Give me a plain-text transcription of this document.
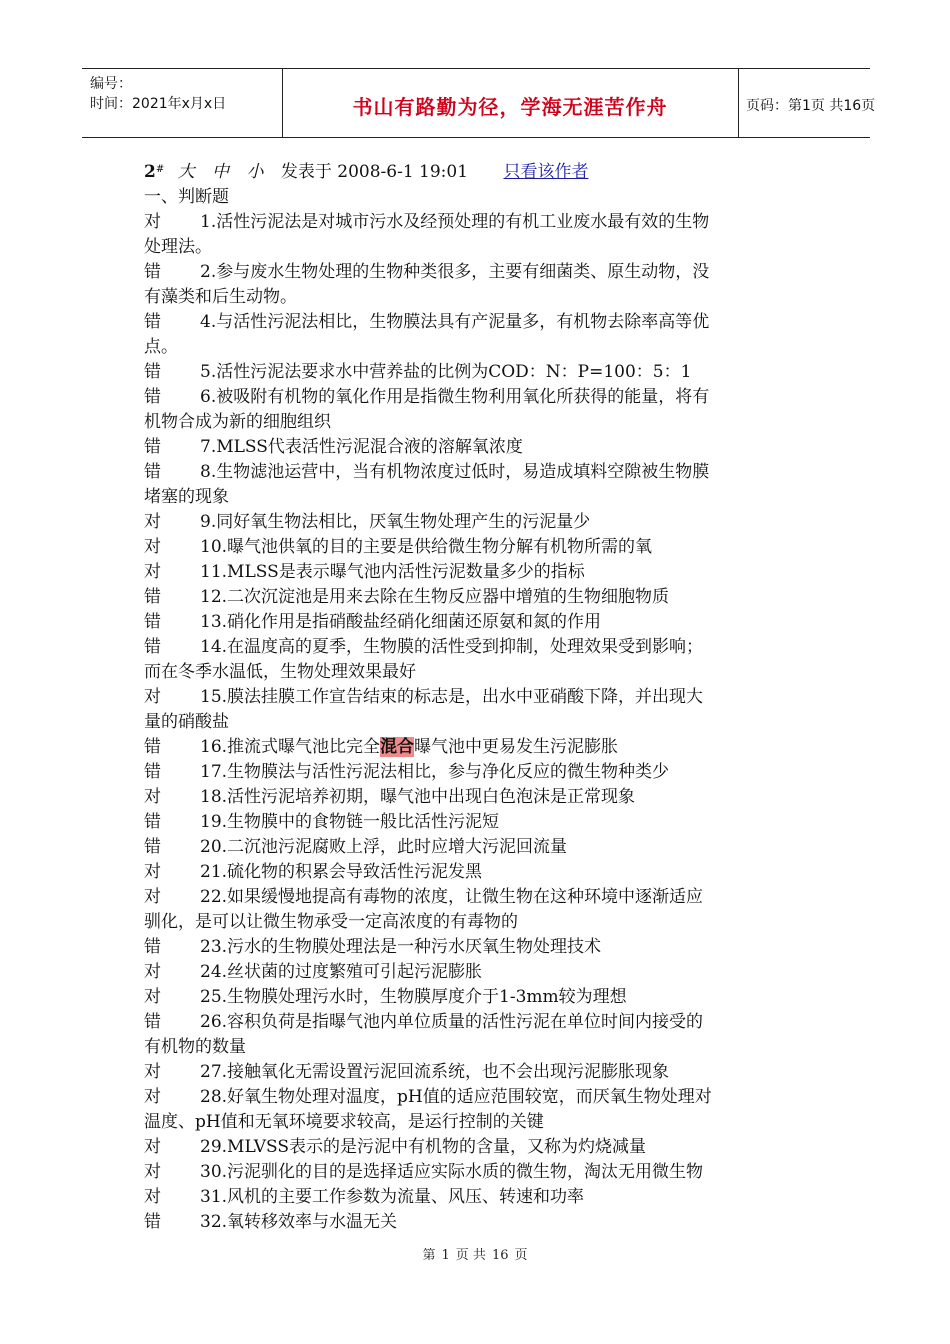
编号：
时间：2021年x月x日	书山有路勤为径，学海无涯苦作舟	页码：第1页 共16页
2# 大 中 小 发表于 2008-6-1 19:01 只看该作者
一、判断题
对 1.活性污泥法是对城市污水及经预处理的有机工业废水最有效的生物
处理法。
错 2.参与废水生物处理的生物种类很多，主要有细菌类、原生动物，没
有藻类和后生动物。
错 4.与活性污泥法相比，生物膜法具有产泥量多，有机物去除率高等优
点。
错 5.活性污泥法要求水中营养盐的比例为COD：N：P=100：5：1
错 6.被吸附有机物的氧化作用是指微生物利用氧化所获得的能量，将有
机物合成为新的细胞组织
错 7.MLSS代表活性污泥混合液的溶解氧浓度
错 8.生物滤池运营中，当有机物浓度过低时，易造成填料空隙被生物膜
堵塞的现象
对 9.同好氧生物法相比，厌氧生物处理产生的污泥量少
对 10.曝气池供氧的目的主要是供给微生物分解有机物所需的氧
对 11.MLSS是表示曝气池内活性污泥数量多少的指标
错 12.二次沉淀池是用来去除在生物反应器中增殖的生物细胞物质
错 13.硝化作用是指硝酸盐经硝化细菌还原氨和氮的作用
错 14.在温度高的夏季，生物膜的活性受到抑制，处理效果受到影响；
而在冬季水温低，生物处理效果最好
对 15.膜法挂膜工作宣告结束的标志是，出水中亚硝酸下降，并出现大
量的硝酸盐
错 16.推流式曝气池比完全混合曝气池中更易发生污泥膨胀
错 17.生物膜法与活性污泥法相比，参与净化反应的微生物种类少
对 18.活性污泥培养初期，曝气池中出现白色泡沫是正常现象
错 19.生物膜中的食物链一般比活性污泥短
错 20.二沉池污泥腐败上浮，此时应增大污泥回流量
对 21.硫化物的积累会导致活性污泥发黑
对 22.如果缓慢地提高有毒物的浓度，让微生物在这种环境中逐渐适应
驯化，是可以让微生物承受一定高浓度的有毒物的
错 23.污水的生物膜处理法是一种污水厌氧生物处理技术
对 24.丝状菌的过度繁殖可引起污泥膨胀
对 25.生物膜处理污水时，生物膜厚度介于1-3mm较为理想
错 26.容积负荷是指曝气池内单位质量的活性污泥在单位时间内接受的
有机物的数量
对 27.接触氧化无需设置污泥回流系统，也不会出现污泥膨胀现象
对 28.好氧生物处理对温度，pH值的适应范围较宽，而厌氧生物处理对
温度、pH值和无氧环境要求较高，是运行控制的关键
对 29.MLVSS表示的是污泥中有机物的含量，又称为灼烧减量
对 30.污泥驯化的目的是选择适应实际水质的微生物，淘汰无用微生物
对 31.风机的主要工作参数为流量、风压、转速和功率
错 32.氧转移效率与水温无关
第 1 页 共 16 页
